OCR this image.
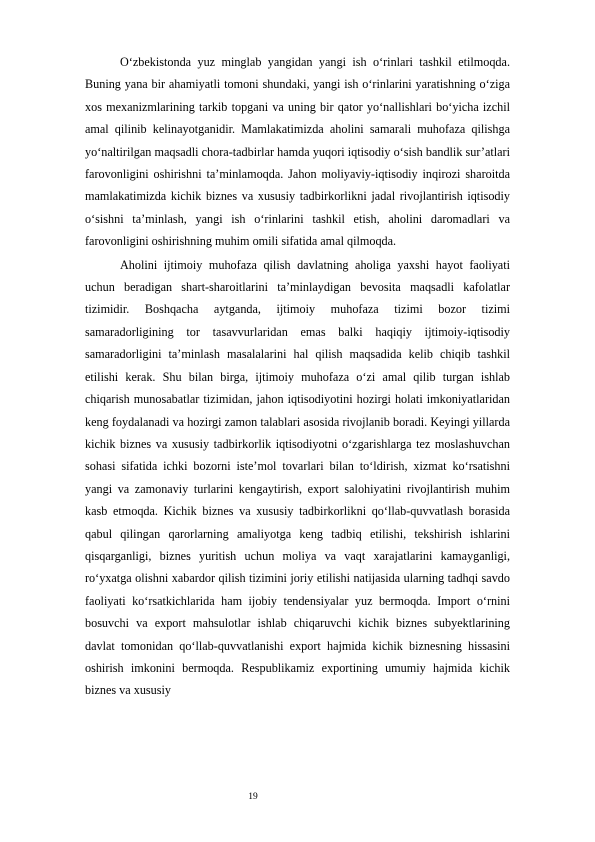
O‘zbekistonda yuz minglab yangidan yangi ish o‘rinlari tashkil etilmoqda. Buning yana bir ahamiyatli tomoni shundaki, yangi ish o‘rinlarini yaratishning o‘ziga xos mexanizmlarining tarkib topgani va uning bir qator yo‘nallishlari bo‘yicha izchil amal qilinib kelinayotganidir. Mamlakatimizda aholini samarali muhofaza qilishga yo‘naltirilgan maqsadli chora-tadbirlar hamda yuqori iqtisodiy o‘sish bandlik sur’atlari farovonligini oshirishni ta’minlamoqda. Jahon moliyaviy-iqtisodiy inqirozi sharoitda mamlakatimizda kichik biznes va xususiy tadbirkorlikni jadal rivojlantirish iqtisodiy o‘sishni ta’minlash, yangi ish o‘rinlarini tashkil etish, aholini daromadlari va farovonligini oshirishning muhim omili sifatida amal qilmoqda.

Aholini ijtimoiy muhofaza qilish davlatning aholiga yaxshi hayot faoliyati uchun beradigan shart-sharoitlarini ta’minlaydigan bevosita maqsadli kafolatlar tizimidir. Boshqacha aytganda, ijtimoiy muhofaza tizimi bozor tizimi samaradorligining tor tasavvurlaridan emas balki haqiqiy ijtimoiy-iqtisodiy samaradorligini ta’minlash masalalarini hal qilish maqsadida kelib chiqib tashkil etilishi kerak. Shu bilan birga, ijtimoiy muhofaza o‘zi amal qilib turgan ishlab chiqarish munosabatlar tizimidan, jahon iqtisodiyotini hozirgi holati imkoniyatlaridan keng foydalanadi va hozirgi zamon talablari asosida rivojlanib boradi. Keyingi yillarda kichik biznes va xususiy tadbirkorlik iqtisodiyotni o‘zgarishlarga tez moslashuvchan sohasi sifatida ichki bozorni iste’mol tovarlari bilan to‘ldirish, xizmat ko‘rsatishni yangi va zamonaviy turlarini kengaytirish, export salohiyatini rivojlantirish muhim kasb etmoqda. Kichik biznes va xususiy tadbirkorlikni qo‘llab-quvvatlash borasida qabul qilingan qarorlarning amaliyotga keng tadbiq etilishi, tekshirish ishlarini qisqarganligi, biznes yuritish uchun moliya va vaqt xarajatlarini kamayganligi, ro‘yxatga olishni xabardor qilish tizimini joriy etilishi natijasida ularning tadhqi savdo faoliyati ko‘rsatkichlarida ham ijobiy tendensiyalar yuz bermoqda. Import o‘rnini bosuvchi va export mahsulotlar ishlab chiqaruvchi kichik biznes subyektlarining davlat tomonidan qo‘llab-quvvatlanishi export hajmida kichik biznesning hissasini oshirish imkonini bermoqda. Respublikamiz exportining umumiy hajmida kichik biznes va xususiy

19
